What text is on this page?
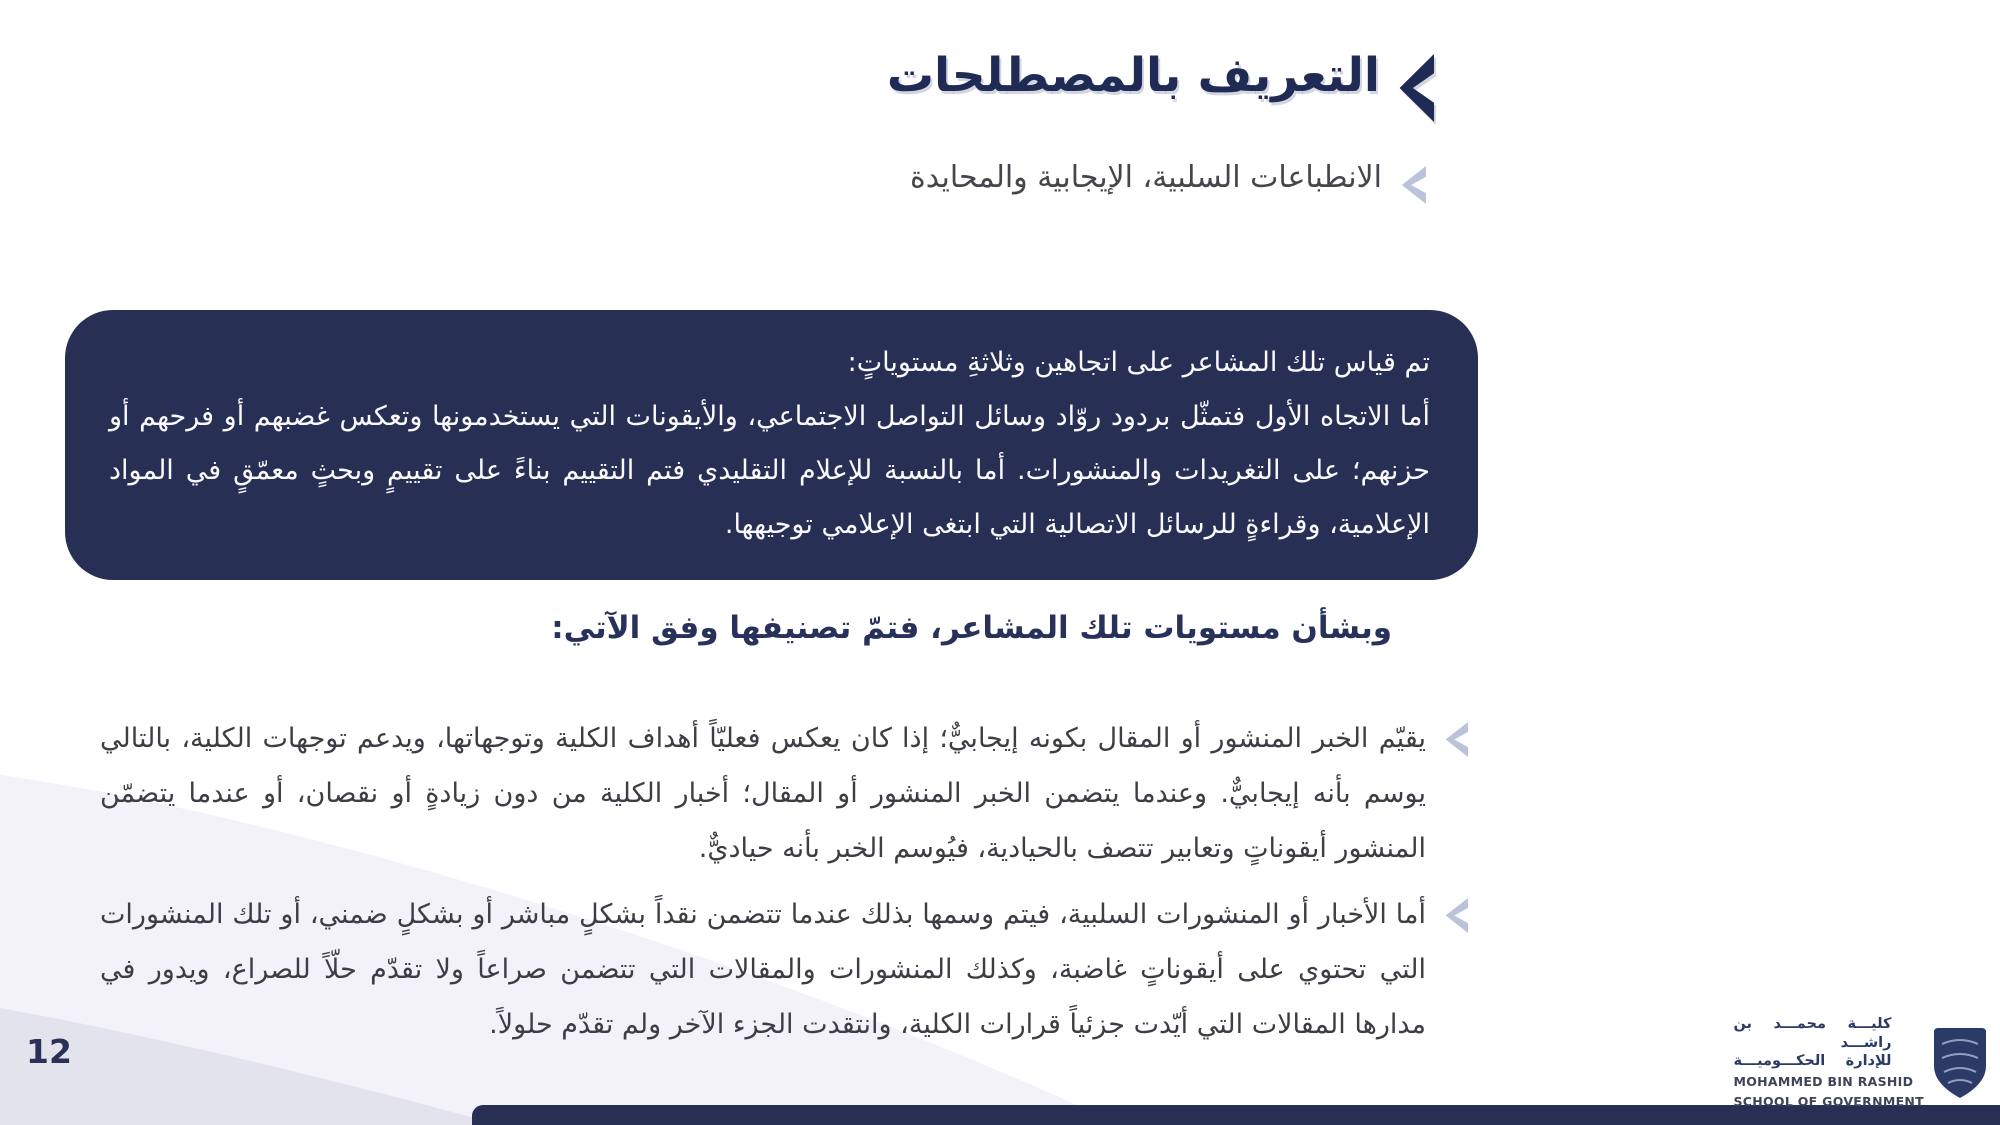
التعريف بالمصطلحات
الانطباعات السلبية، الإيجابية والمحايدة

تم قياس تلك المشاعر على اتجاهين وثلاثةِ مستوياتٍ:

أما الاتجاه الأول فتمثّل بردود روّاد وسائل التواصل الاجتماعي، والأيقونات التي يستخدمونها وتعكس غضبهم أو فرحهم أو حزنهم؛ على التغريدات والمنشورات. أما بالنسبة للإعلام التقليدي فتم التقييم بناءً على تقييمٍ وبحثٍ معمّقٍ في المواد الإعلامية، وقراءةٍ للرسائل الاتصالية التي ابتغى الإعلامي توجيهها.

وبشأن مستويات تلك المشاعر، فتمّ تصنيفها وفق الآتي:
يقيّم الخبر المنشور أو المقال بكونه إيجابيٌّ؛ إذا كان يعكس فعليّاً أهداف الكلية وتوجهاتها، ويدعم توجهات الكلية، بالتالي يوسم بأنه إيجابيٌّ. وعندما يتضمن الخبر المنشور أو المقال؛ أخبار الكلية من دون زيادةٍ أو نقصان، أو عندما يتضمّن المنشور أيقوناتٍ وتعابير تتصف بالحيادية، فيُوسم الخبر بأنه حياديٌّ.
أما الأخبار أو المنشورات السلبية، فيتم وسمها بذلك عندما تتضمن نقداً بشكلٍ مباشر أو بشكلٍ ضمني، أو تلك المنشورات التي تحتوي على أيقوناتٍ غاضبة، وكذلك المنشورات والمقالات التي تتضمن صراعاً ولا تقدّم حلّاً للصراع، ويدور في مدارها المقالات التي أيّدت جزئياً قرارات الكلية، وانتقدت الجزء الآخر ولم تقدّم حلولاً.
12
كليـــة محمـــد بن راشـــد
للإدارة الحكـــوميـــة
MOHAMMED BIN RASHID
SCHOOL OF GOVERNMENT
